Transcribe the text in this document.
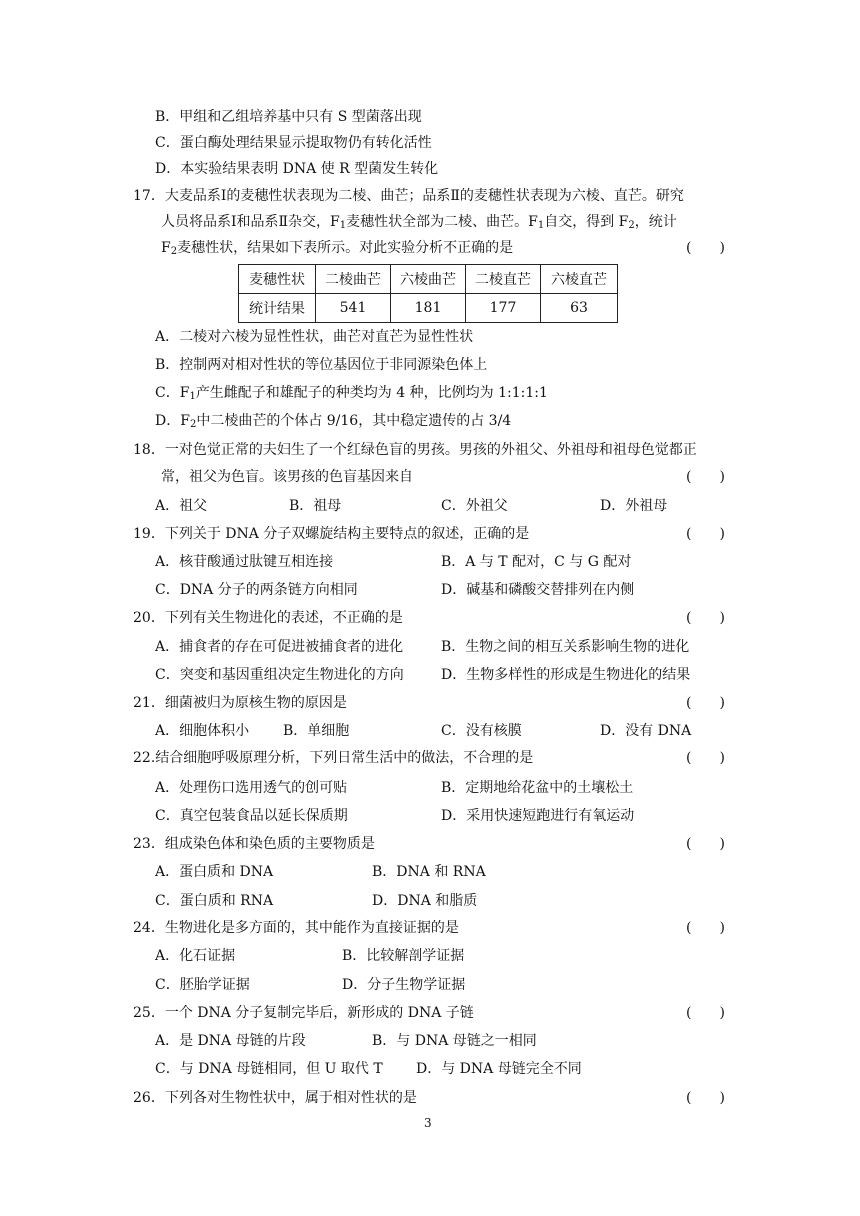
B．甲组和乙组培养基中只有 S 型菌落出现
C．蛋白酶处理结果显示提取物仍有转化活性
D．本实验结果表明 DNA 使 R 型菌发生转化
17．大麦品系Ⅰ的麦穗性状表现为二棱、曲芒；品系Ⅱ的麦穗性状表现为六棱、直芒。研究
人员将品系Ⅰ和品系Ⅱ杂交，$F_1$麦穗性状全部为二棱、曲芒。$F_1$自交，得到 $F_2$，统计
$F_2$麦穗性状，结果如下表所示。对此实验分析不正确的是	(　　)
麦穗性状	二棱曲芒	六棱曲芒	二棱直芒	六棱直芒
统计结果	541	181	177	63
A．二棱对六棱为显性性状，曲芒对直芒为显性性状
B．控制两对相对性状的等位基因位于非同源染色体上
C．$F_1$产生雌配子和雄配子的种类均为 4 种，比例均为 1:1:1:1
D．$F_2$中二棱曲芒的个体占 9/16，其中稳定遗传的占 3/4
18．一对色觉正常的夫妇生了一个红绿色盲的男孩。男孩的外祖父、外祖母和祖母色觉都正
常，祖父为色盲。该男孩的色盲基因来自	(　　)
A．祖父	B．祖母	C．外祖父	D．外祖母
19．下列关于 DNA 分子双螺旋结构主要特点的叙述，正确的是	(　　)
A．核苷酸通过肽键互相连接	B．A 与 T 配对，C 与 G 配对
C．DNA 分子的两条链方向相同	D．碱基和磷酸交替排列在内侧
20．下列有关生物进化的表述，不正确的是	(　　)
A．捕食者的存在可促进被捕食者的进化	B．生物之间的相互关系影响生物的进化
C．突变和基因重组决定生物进化的方向	D．生物多样性的形成是生物进化的结果
21．细菌被归为原核生物的原因是	(　　)
A．细胞体积小 B．单细胞	C．没有核膜	D．没有 DNA
22.结合细胞呼吸原理分析，下列日常生活中的做法，不合理的是	(　　)
A．处理伤口选用透气的创可贴	B．定期地给花盆中的土壤松土
C．真空包装食品以延长保质期	D．采用快速短跑进行有氧运动
23．组成染色体和染色质的主要物质是	(　　)
A．蛋白质和 DNA	B．DNA 和 RNA
C．蛋白质和 RNA	D．DNA 和脂质
24．生物进化是多方面的，其中能作为直接证据的是	(　　)
A．化石证据	B．比较解剖学证据
C．胚胎学证据	D．分子生物学证据
25．一个 DNA 分子复制完毕后，新形成的 DNA 子链	(　　)
A．是 DNA 母链的片段	B．与 DNA 母链之一相同
C．与 DNA 母链相同，但 U 取代 T D．与 DNA 母链完全不同
26．下列各对生物性状中，属于相对性状的是	(　　)
3
